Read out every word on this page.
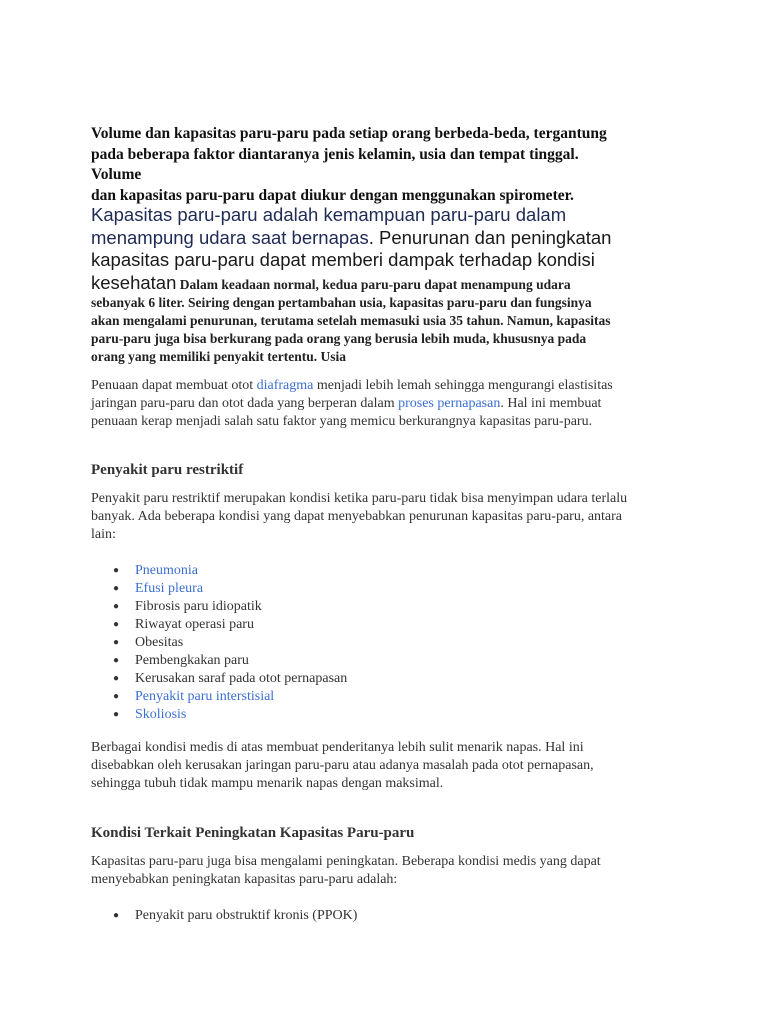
Volume dan kapasitas paru-paru pada setiap orang berbeda-beda, tergantung
pada beberapa faktor diantaranya jenis kelamin, usia dan tempat tinggal.
Volume
dan kapasitas paru-paru dapat diukur dengan menggunakan spirometer.
Kapasitas paru-paru adalah kemampuan paru-paru dalam
menampung udara saat bernapas. Penurunan dan peningkatan
kapasitas paru-paru dapat memberi dampak terhadap kondisi
kesehatan Dalam keadaan normal, kedua paru-paru dapat menampung udara
sebanyak 6 liter. Seiring dengan pertambahan usia, kapasitas paru-paru dan fungsinya
akan mengalami penurunan, terutama setelah memasuki usia 35 tahun. Namun, kapasitas
paru-paru juga bisa berkurang pada orang yang berusia lebih muda, khususnya pada
orang yang memiliki penyakit tertentu. Usia
Penuaan dapat membuat otot diafragma menjadi lebih lemah sehingga mengurangi elastisitas
jaringan paru-paru dan otot dada yang berperan dalam proses pernapasan. Hal ini membuat
penuaan kerap menjadi salah satu faktor yang memicu berkurangnya kapasitas paru-paru.
Penyakit paru restriktif
Penyakit paru restriktif merupakan kondisi ketika paru-paru tidak bisa menyimpan udara terlalu
banyak. Ada beberapa kondisi yang dapat menyebabkan penurunan kapasitas paru-paru, antara
lain:
● Pneumonia
● Efusi pleura
● Fibrosis paru idiopatik
● Riwayat operasi paru
● Obesitas
● Pembengkakan paru
● Kerusakan saraf pada otot pernapasan
● Penyakit paru interstisial
● Skoliosis
Berbagai kondisi medis di atas membuat penderitanya lebih sulit menarik napas. Hal ini
disebabkan oleh kerusakan jaringan paru-paru atau adanya masalah pada otot pernapasan,
sehingga tubuh tidak mampu menarik napas dengan maksimal.
Kondisi Terkait Peningkatan Kapasitas Paru-paru
Kapasitas paru-paru juga bisa mengalami peningkatan. Beberapa kondisi medis yang dapat
menyebabkan peningkatan kapasitas paru-paru adalah:
● Penyakit paru obstruktif kronis (PPOK)
